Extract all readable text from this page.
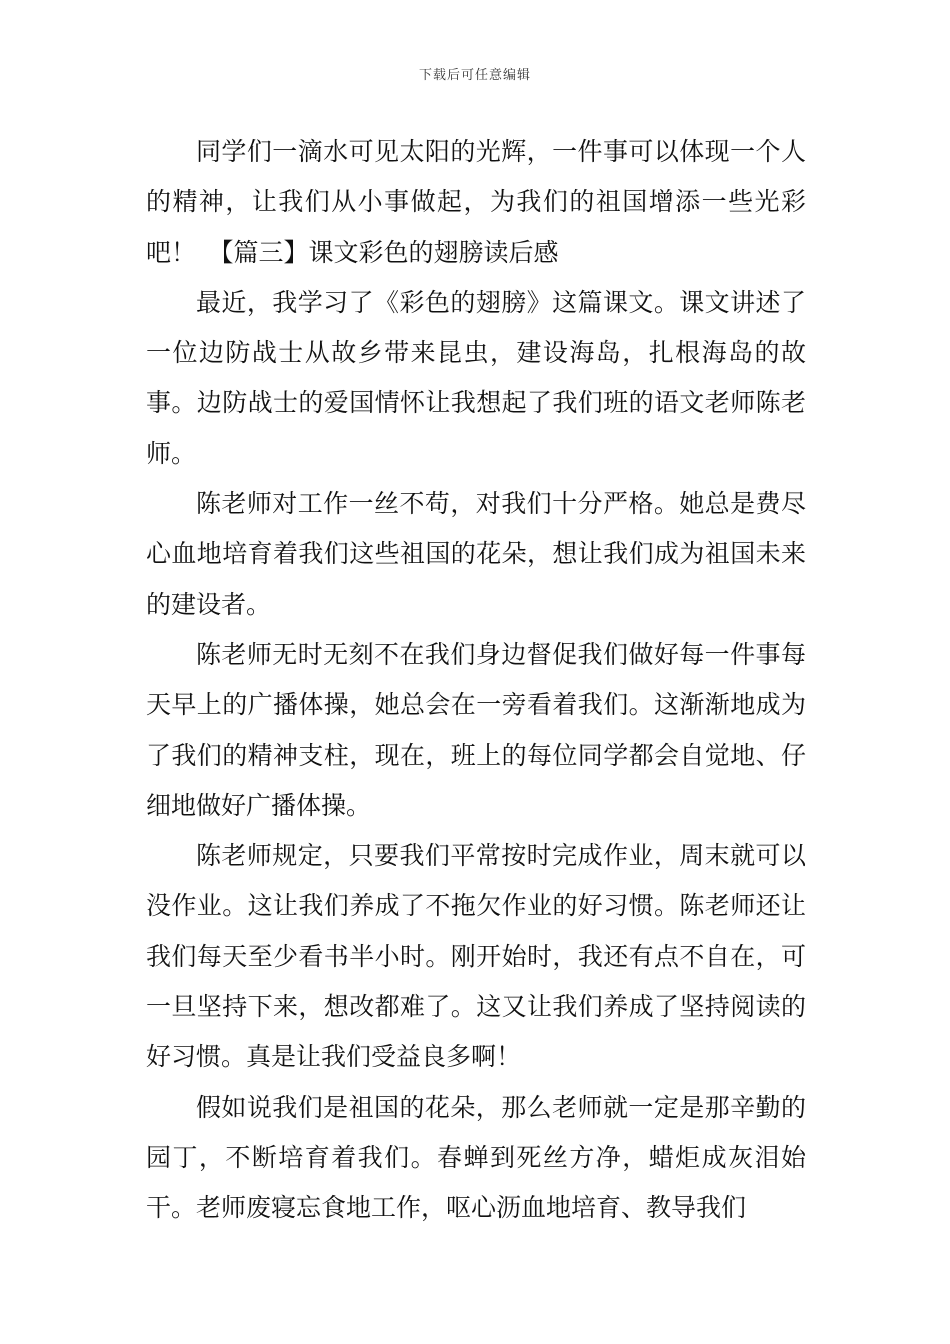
下载后可任意编辑

同学们一滴水可见太阳的光辉，一件事可以体现一个人的精神，让我们从小事做起，为我们的祖国增添一些光彩吧！　【篇三】课文彩色的翅膀读后感

最近，我学习了《彩色的翅膀》这篇课文。课文讲述了一位边防战士从故乡带来昆虫，建设海岛，扎根海岛的故事。边防战士的爱国情怀让我想起了我们班的语文老师陈老师。

陈老师对工作一丝不苟，对我们十分严格。她总是费尽心血地培育着我们这些祖国的花朵，想让我们成为祖国未来的建设者。

陈老师无时无刻不在我们身边督促我们做好每一件事每天早上的广播体操，她总会在一旁看着我们。这渐渐地成为了我们的精神支柱，现在，班上的每位同学都会自觉地、仔细地做好广播体操。

陈老师规定，只要我们平常按时完成作业，周末就可以没作业。这让我们养成了不拖欠作业的好习惯。陈老师还让我们每天至少看书半小时。刚开始时，我还有点不自在，可一旦坚持下来，想改都难了。这又让我们养成了坚持阅读的好习惯。真是让我们受益良多啊！

假如说我们是祖国的花朵，那么老师就一定是那辛勤的园丁，不断培育着我们。春蝉到死丝方净，蜡炬成灰泪始干。老师废寝忘食地工作，呕心沥血地培育、教导我们
